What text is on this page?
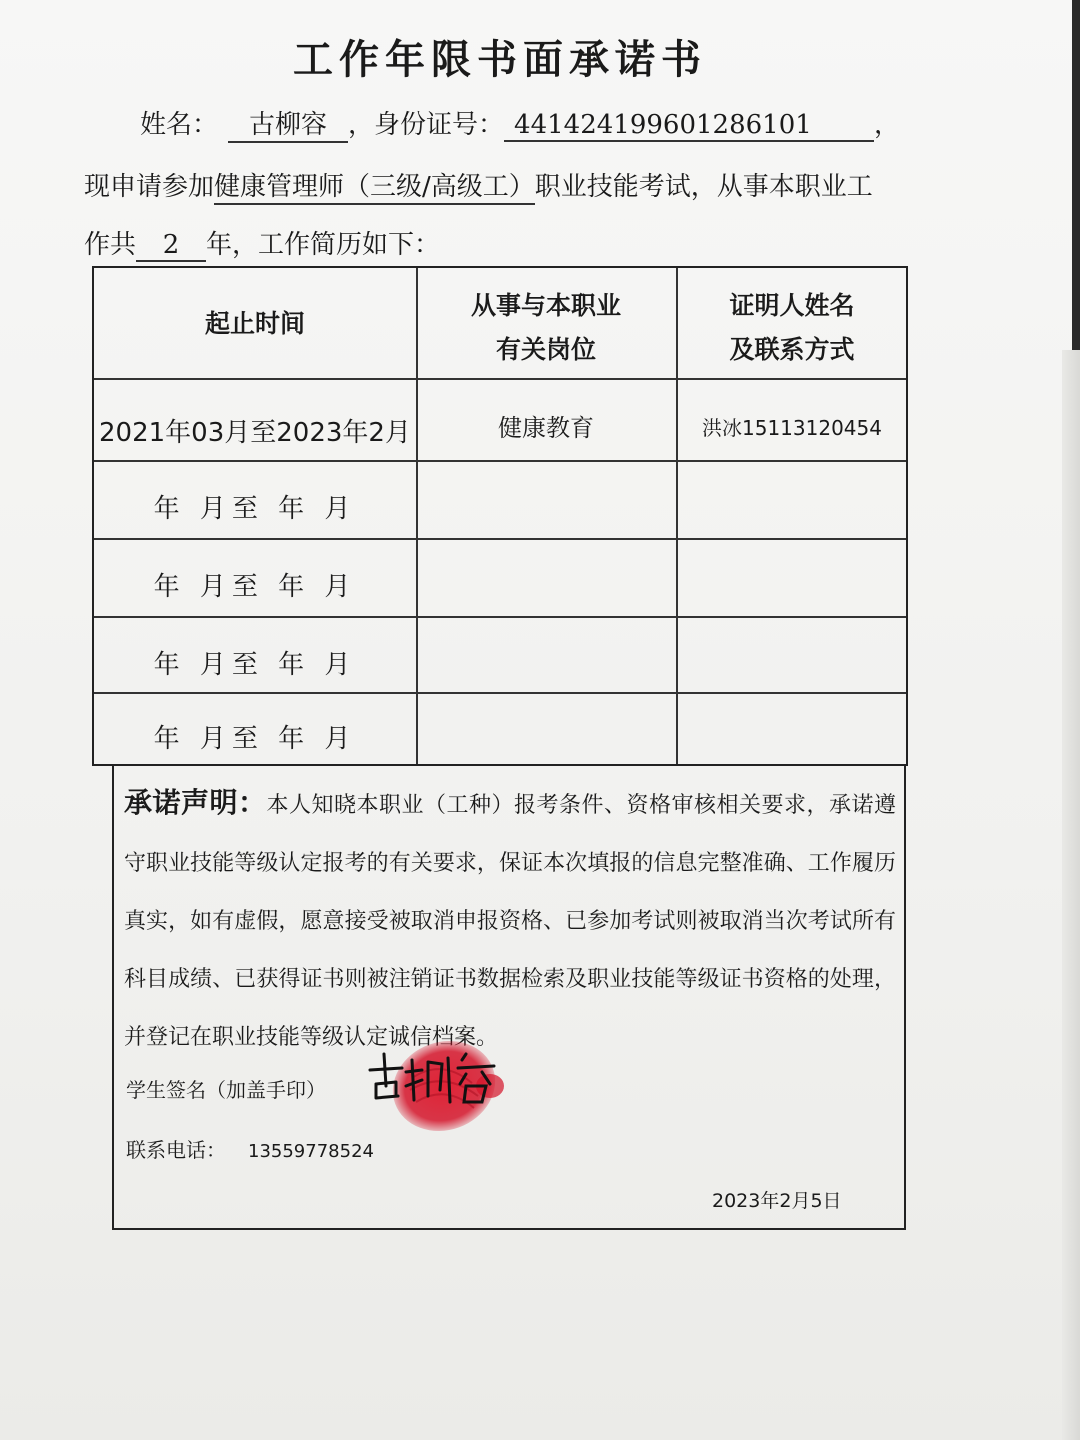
工作年限书面承诺书
姓名： 古柳容 ，身份证号： 441424199601286101 ，
现申请参加健康管理师（三级/高级工）职业技能考试，从事本职业工
作共 2 年，工作简历如下：
起止时间
从事与本职业
有关岗位
证明人姓名
及联系方式
2021年03月至2023年2月	健康教育	洪冰15113120454
年 月至 年 月
年 月至 年 月
年 月至 年 月
年 月至 年 月
承诺声明：本人知晓本职业（工种）报考条件、资格审核相关要求，承诺遵守职业技能等级认定报考的有关要求，保证本次填报的信息完整准确、工作履历真实，如有虚假，愿意接受被取消申报资格、已参加考试则被取消当次考试所有科目成绩、已获得证书则被注销证书数据检索及职业技能等级证书资格的处理， 并登记在职业技能等级认定诚信档案。
学生签名（加盖手印）
联系电话： 13559778524
2023年2月5日
